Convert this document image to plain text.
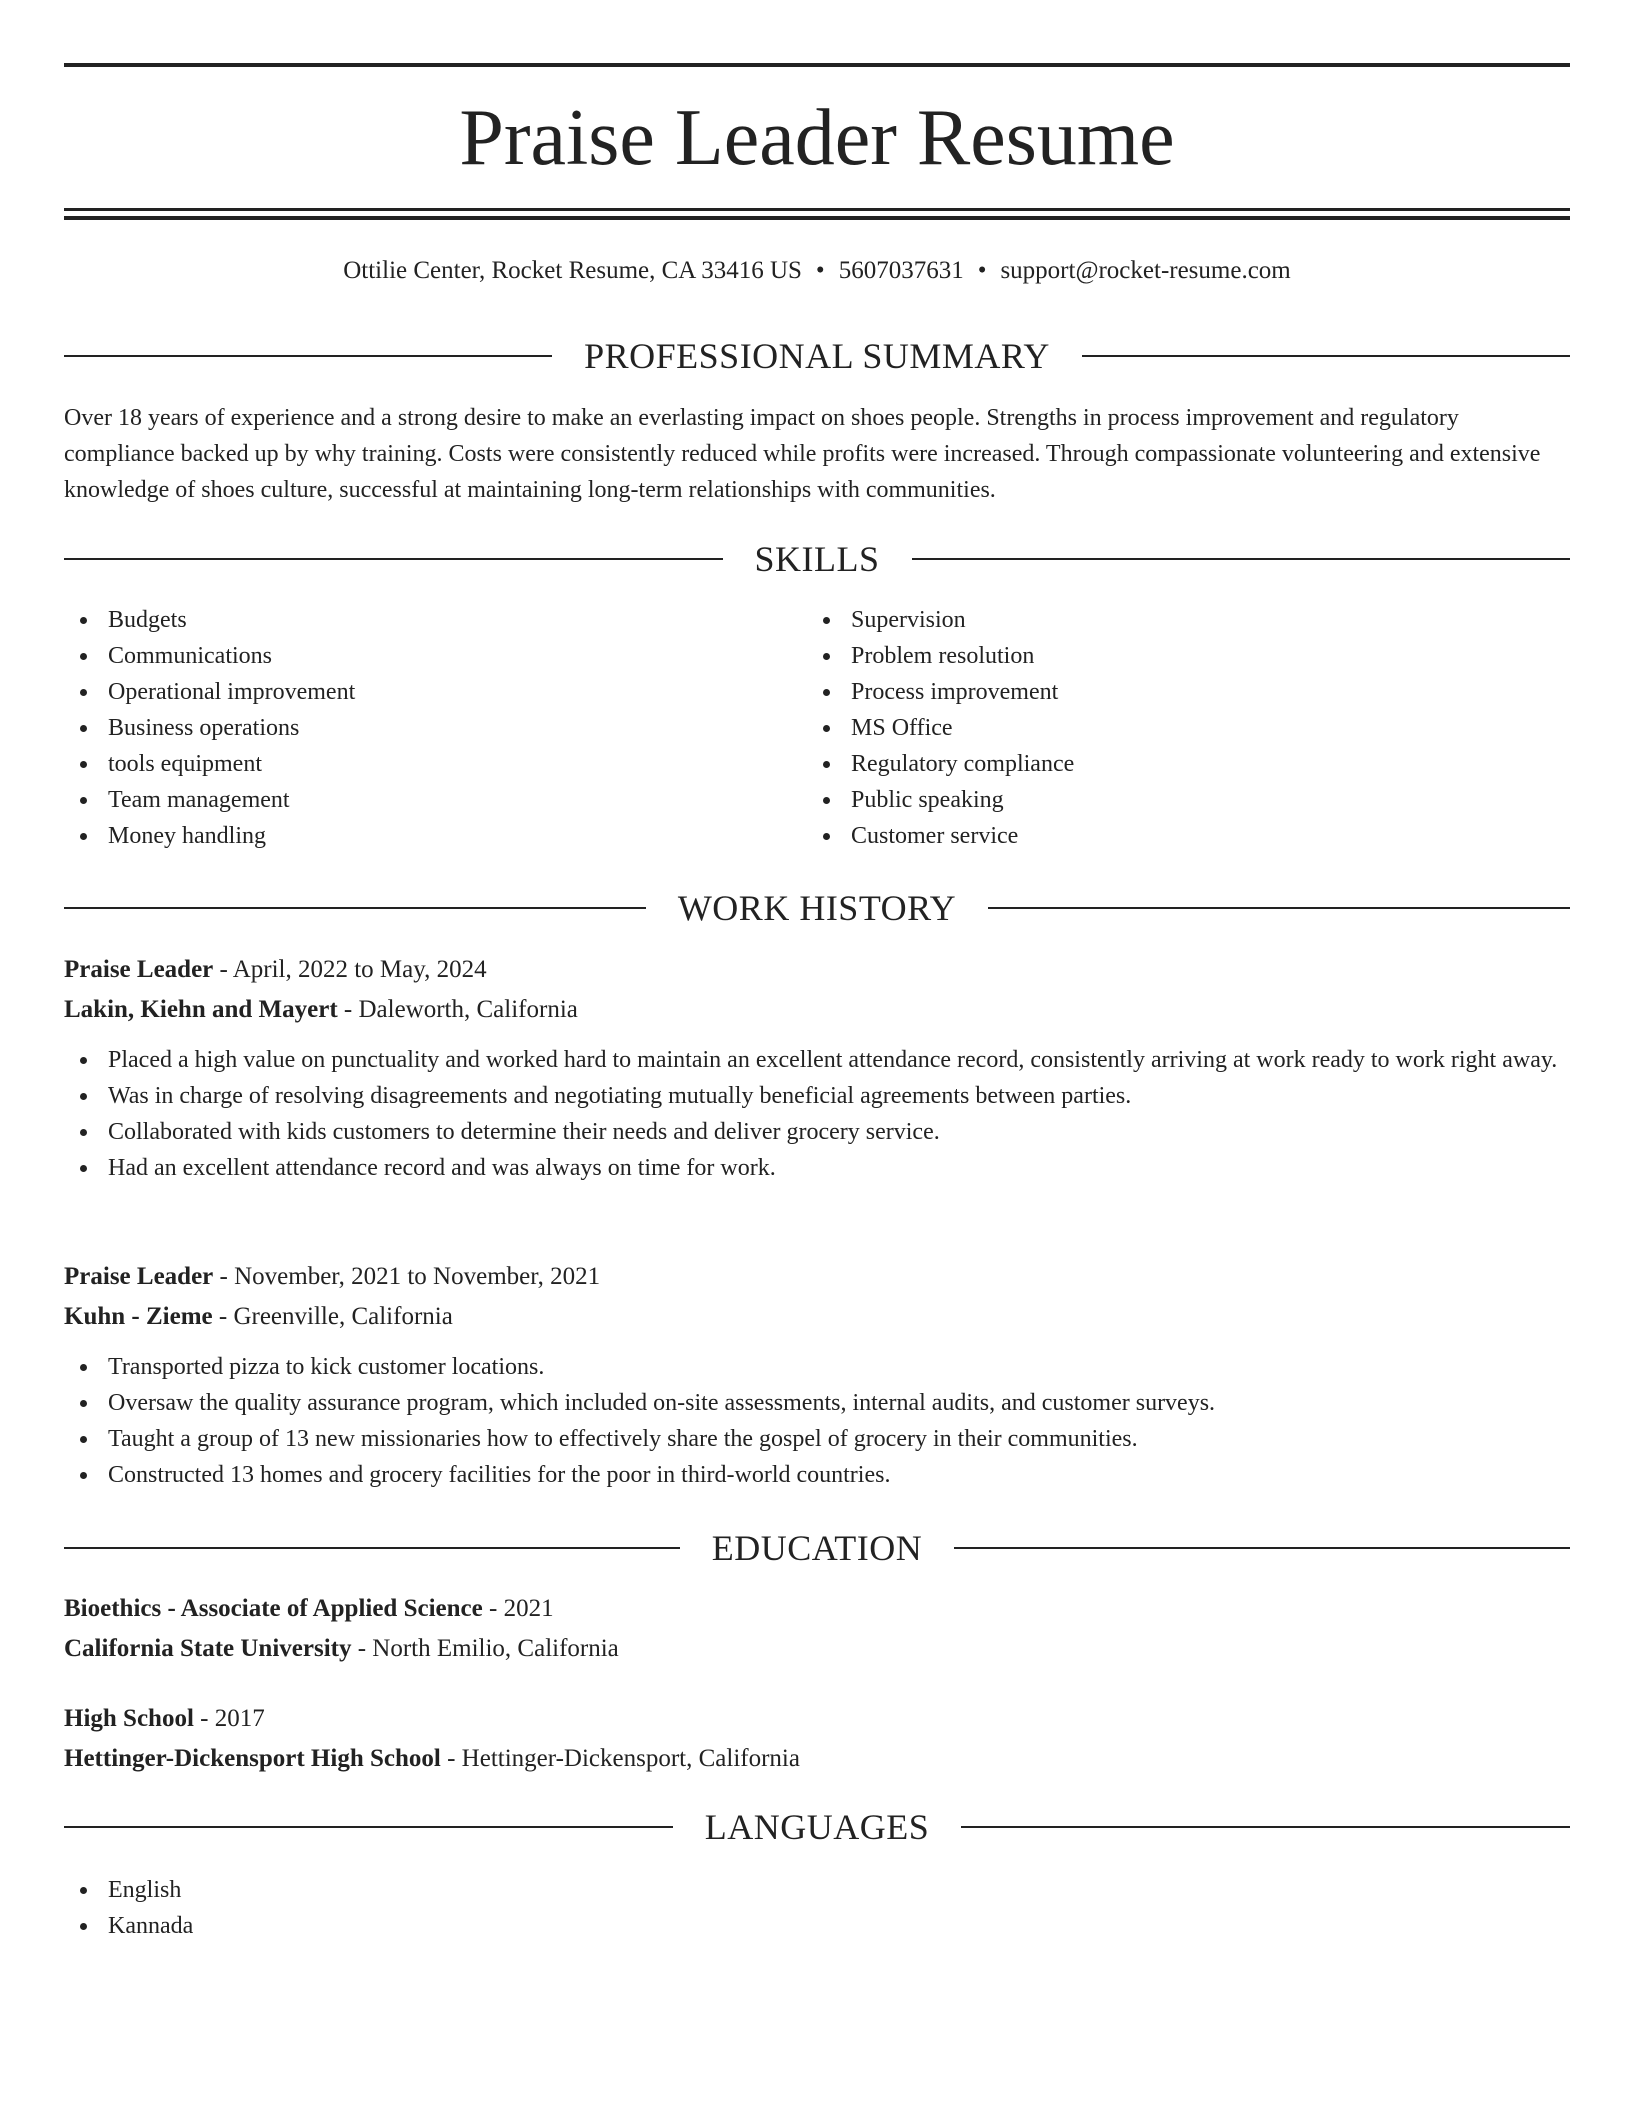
Praise Leader Resume
Ottilie Center, Rocket Resume, CA 33416 US • 5607037631 • support@rocket-resume.com
PROFESSIONAL SUMMARY

Over 18 years of experience and a strong desire to make an everlasting impact on shoes people. Strengths in process improvement and regulatory compliance backed up by why training. Costs were consistently reduced while profits were increased. Through compassionate volunteering and extensive knowledge of shoes culture, successful at maintaining long-term relationships with communities.

SKILLS
Budgets
Communications
Operational improvement
Business operations
tools equipment
Team management
Money handling
Supervision
Problem resolution
Process improvement
MS Office
Regulatory compliance
Public speaking
Customer service
WORK HISTORY
Praise Leader - April, 2022 to May, 2024
Lakin, Kiehn and Mayert - Daleworth, California
Placed a high value on punctuality and worked hard to maintain an excellent attendance record, consistently arriving at work ready to work right away.
Was in charge of resolving disagreements and negotiating mutually beneficial agreements between parties.
Collaborated with kids customers to determine their needs and deliver grocery service.
Had an excellent attendance record and was always on time for work.
Praise Leader - November, 2021 to November, 2021
Kuhn - Zieme - Greenville, California
Transported pizza to kick customer locations.
Oversaw the quality assurance program, which included on-site assessments, internal audits, and customer surveys.
Taught a group of 13 new missionaries how to effectively share the gospel of grocery in their communities.
Constructed 13 homes and grocery facilities for the poor in third-world countries.
EDUCATION
Bioethics - Associate of Applied Science - 2021
California State University - North Emilio, California
High School - 2017
Hettinger-Dickensport High School - Hettinger-Dickensport, California
LANGUAGES
English
Kannada
